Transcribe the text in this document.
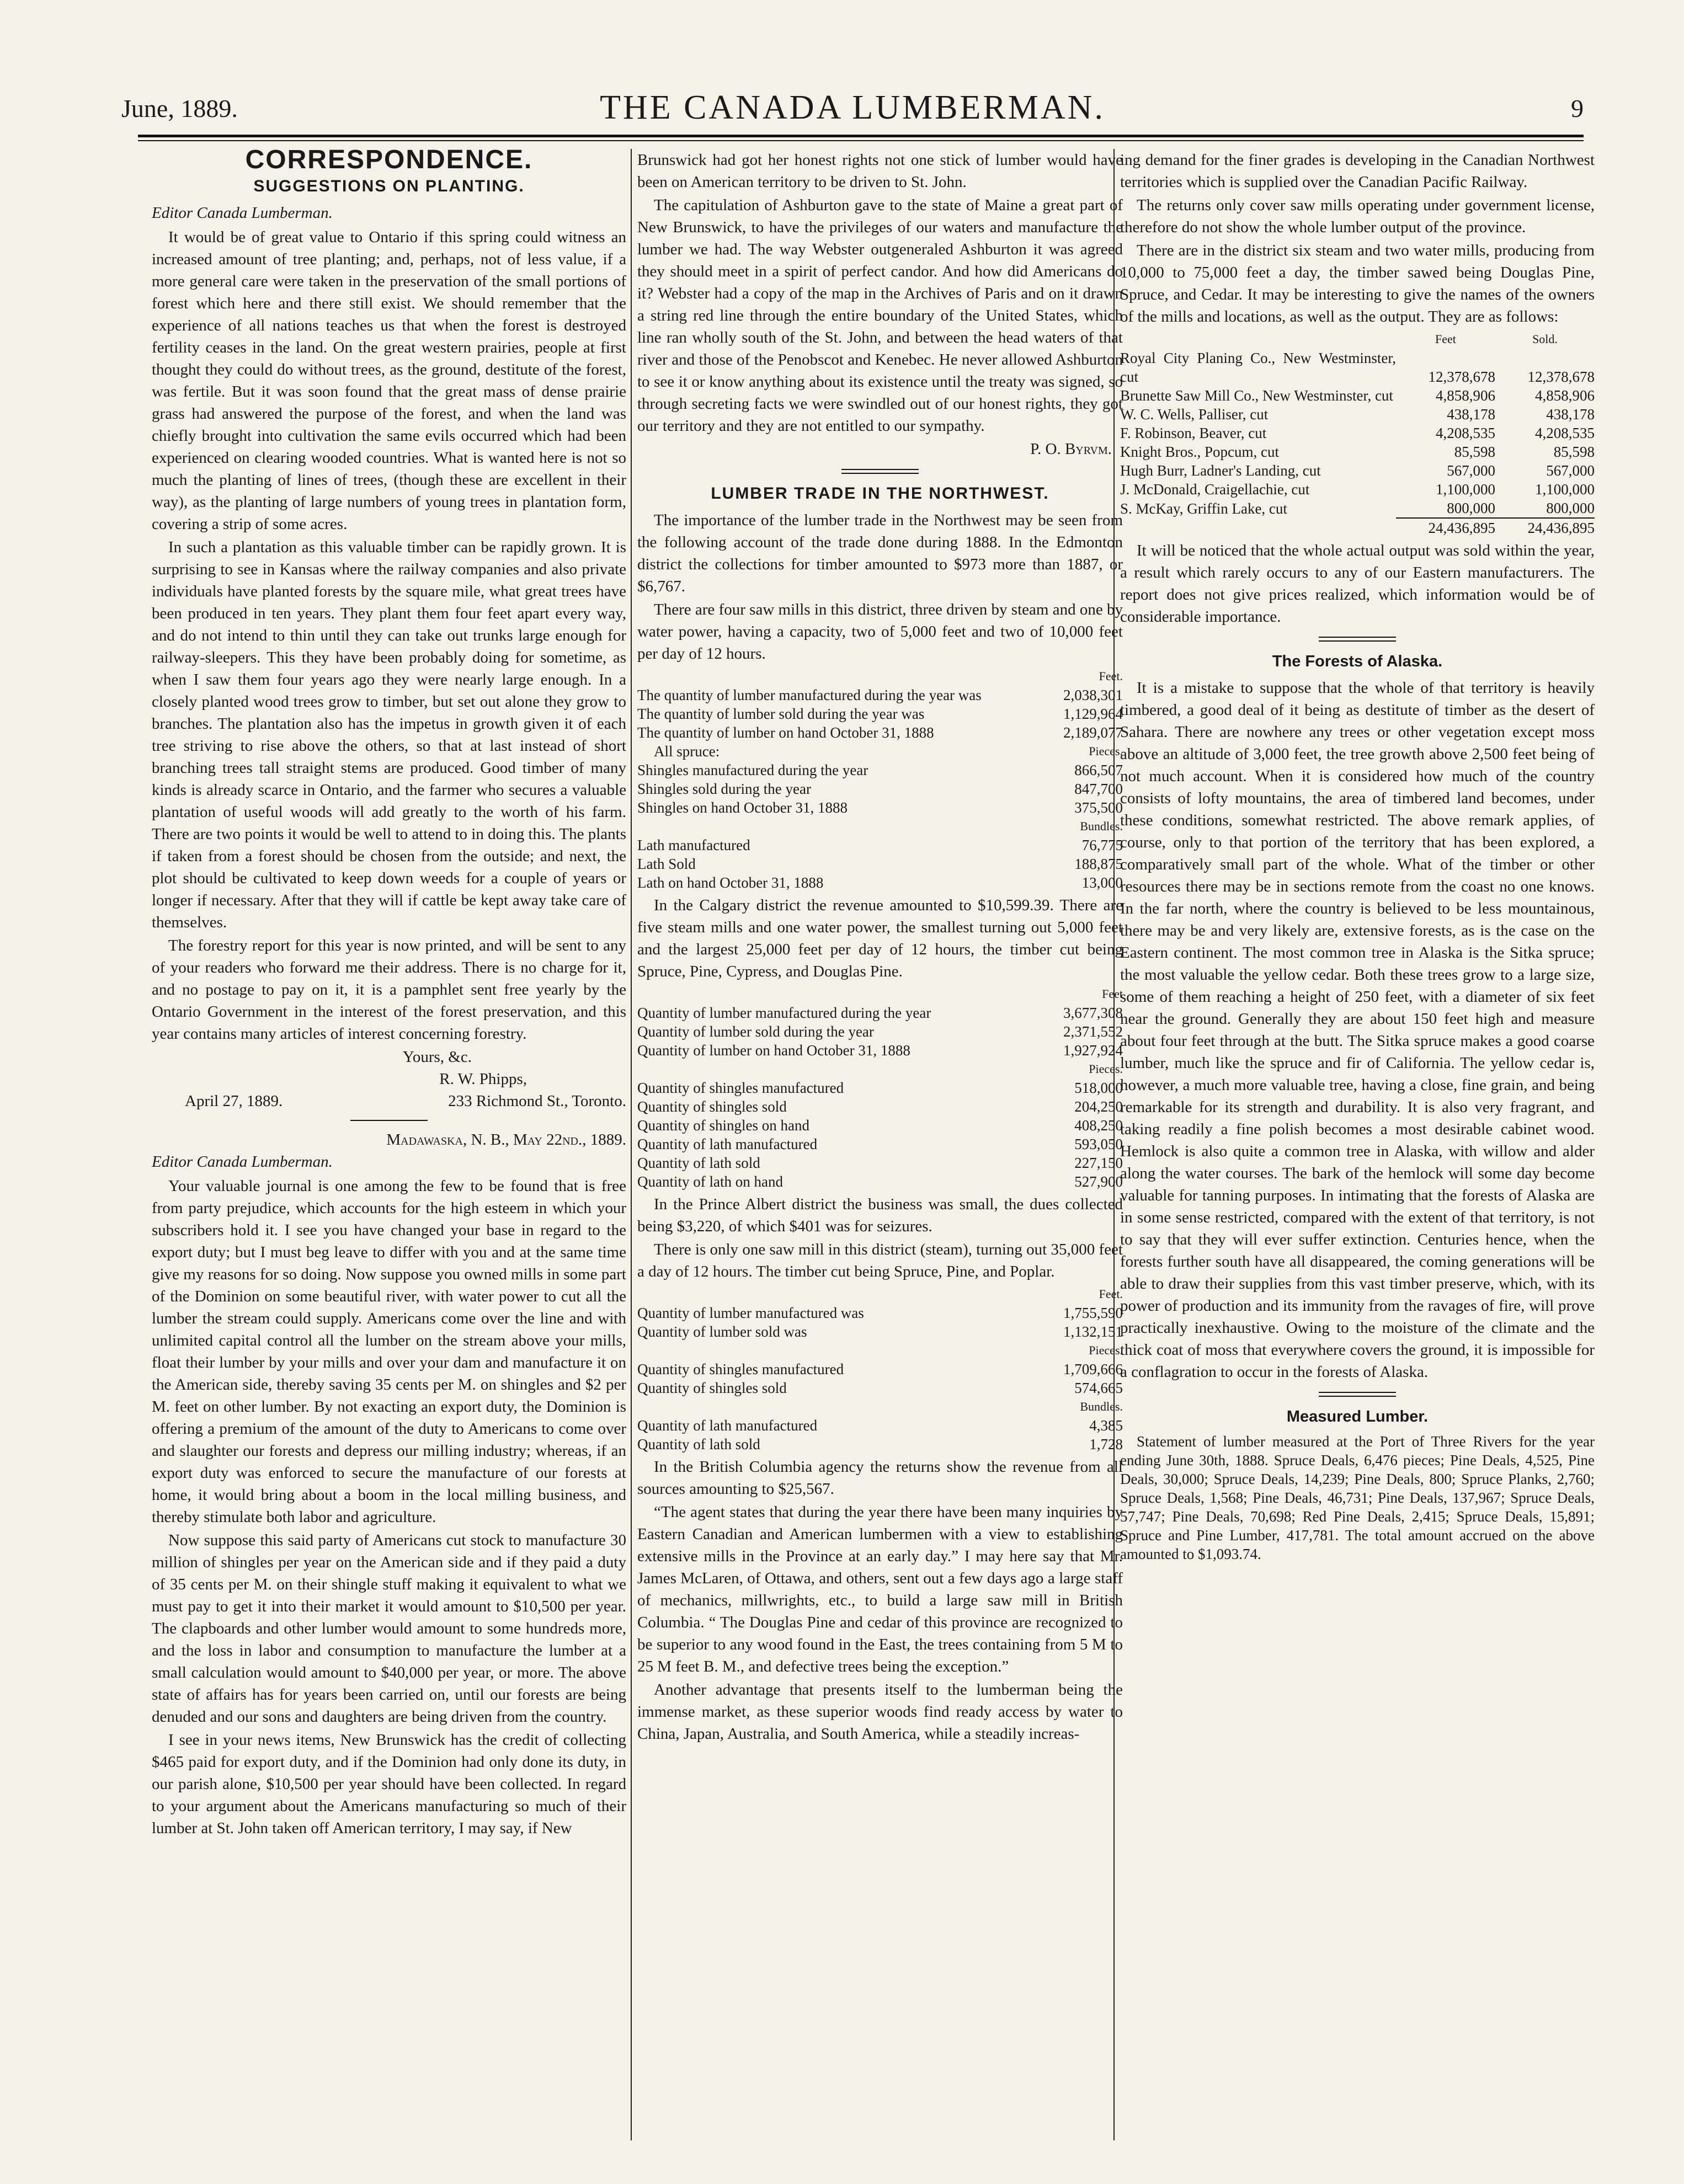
June, 1889.	THE CANADA LUMBERMAN.	9
CORRESPONDENCE.
SUGGESTIONS ON PLANTING.
Editor Canada Lumberman.

It would be of great value to Ontario if this spring could witness an increased amount of tree planting; and, perhaps, not of less value, if a more general care were taken in the preservation of the small portions of forest which here and there still exist. We should remember that the experience of all nations teaches us that when the forest is destroyed fertility ceases in the land. On the great western prairies, people at first thought they could do without trees, as the ground, destitute of the forest, was fertile. But it was soon found that the great mass of dense prairie grass had answered the purpose of the forest, and when the land was chiefly brought into cultivation the same evils occurred which had been experienced on clearing wooded countries. What is wanted here is not so much the planting of lines of trees, (though these are excellent in their way), as the planting of large numbers of young trees in plantation form, covering a strip of some acres.

In such a plantation as this valuable timber can be rapidly grown. It is surprising to see in Kansas where the railway companies and also private individuals have planted forests by the square mile, what great trees have been produced in ten years. They plant them four feet apart every way, and do not intend to thin until they can take out trunks large enough for railway-sleepers. This they have been probably doing for sometime, as when I saw them four years ago they were nearly large enough. In a closely planted wood trees grow to timber, but set out alone they grow to branches. The plantation also has the impetus in growth given it of each tree striving to rise above the others, so that at last instead of short branching trees tall straight stems are produced. Good timber of many kinds is already scarce in Ontario, and the farmer who secures a valuable plantation of useful woods will add greatly to the worth of his farm. There are two points it would be well to attend to in doing this. The plants if taken from a forest should be chosen from the outside; and next, the plot should be cultivated to keep down weeds for a couple of years or longer if necessary. After that they will if cattle be kept away take care of themselves.

The forestry report for this year is now printed, and will be sent to any of your readers who forward me their address. There is no charge for it, and no postage to pay on it, it is a pamphlet sent free yearly by the Ontario Government in the interest of the forest preservation, and this year contains many articles of interest concerning forestry.

Yours, &c.
R. W. Phipps,
April 27, 1889.	233 Richmond St., Toronto.
Madawaska, N. B., May 22nd., 1889.
Editor Canada Lumberman.

Your valuable journal is one among the few to be found that is free from party prejudice, which accounts for the high esteem in which your subscribers hold it. I see you have changed your base in regard to the export duty; but I must beg leave to differ with you and at the same time give my reasons for so doing. Now suppose you owned mills in some part of the Dominion on some beautiful river, with water power to cut all the lumber the stream could supply. Americans come over the line and with unlimited capital control all the lumber on the stream above your mills, float their lumber by your mills and over your dam and manufacture it on the American side, thereby saving 35 cents per M. on shingles and $2 per M. feet on other lumber. By not exacting an export duty, the Dominion is offering a premium of the amount of the duty to Americans to come over and slaughter our forests and depress our milling industry; whereas, if an export duty was enforced to secure the manufacture of our forests at home, it would bring about a boom in the local milling business, and thereby stimulate both labor and agriculture.

Now suppose this said party of Americans cut stock to manufacture 30 million of shingles per year on the American side and if they paid a duty of 35 cents per M. on their shingle stuff making it equivalent to what we must pay to get it into their market it would amount to $10,500 per year. The clapboards and other lumber would amount to some hundreds more, and the loss in labor and consumption to manufacture the lumber at a small calculation would amount to $40,000 per year, or more. The above state of affairs has for years been carried on, until our forests are being denuded and our sons and daughters are being driven from the country.

I see in your news items, New Brunswick has the credit of collecting $465 paid for export duty, and if the Dominion had only done its duty, in our parish alone, $10,500 per year should have been collected. In regard to your argument about the Americans manufacturing so much of their lumber at St. John taken off American territory, I may say, if New

Brunswick had got her honest rights not one stick of lumber would have been on American territory to be driven to St. John.

The capitulation of Ashburton gave to the state of Maine a great part of New Brunswick, to have the privileges of our waters and manufacture the lumber we had. The way Webster outgeneraled Ashburton it was agreed they should meet in a spirit of perfect candor. And how did Americans do it? Webster had a copy of the map in the Archives of Paris and on it drawn a string red line through the entire boundary of the United States, which line ran wholly south of the St. John, and between the head waters of that river and those of the Penobscot and Kenebec. He never allowed Ashburton to see it or know anything about its existence until the treaty was signed, so through secreting facts we were swindled out of our honest rights, they got our territory and they are not entitled to our sympathy.

P. O. Byrvm.
LUMBER TRADE IN THE NORTHWEST.

The importance of the lumber trade in the Northwest may be seen from the following account of the trade done during 1888. In the Edmonton district the collections for timber amounted to $973 more than 1887, or $6,767.

There are four saw mills in this district, three driven by steam and one by water power, having a capacity, two of 5,000 feet and two of 10,000 feet per day of 12 hours.

	Feet.
The quantity of lumber manufactured during the year was	2,038,301
The quantity of lumber sold during the year was	1,129,964
The quantity of lumber on hand October 31, 1888	2,189,077
All spruce:	Pieces.
Shingles manufactured during the year	866,507
Shingles sold during the year	847,700
Shingles on hand October 31, 1888	375,500
	Bundles.
Lath manufactured	76,775
Lath Sold	188,875
Lath on hand October 31, 1888	13,000

In the Calgary district the revenue amounted to $10,599.39. There are five steam mills and one water power, the smallest turning out 5,000 feet and the largest 25,000 feet per day of 12 hours, the timber cut being Spruce, Pine, Cypress, and Douglas Pine.

	Feet
Quantity of lumber manufactured during the year	3,677,308
Quantity of lumber sold during the year	2,371,552
Quantity of lumber on hand October 31, 1888	1,927,924
	Pieces.
Quantity of shingles manufactured	518,000
Quantity of shingles sold	204,250
Quantity of shingles on hand	408,250
Quantity of lath manufactured	593,050
Quantity of lath sold	227,150
Quantity of lath on hand	527,900

In the Prince Albert district the business was small, the dues collected being $3,220, of which $401 was for seizures.

There is only one saw mill in this district (steam), turning out 35,000 feet a day of 12 hours. The timber cut being Spruce, Pine, and Poplar.

	Feet.
Quantity of lumber manufactured was	1,755,590
Quantity of lumber sold was	1,132,151
	Pieces.
Quantity of shingles manufactured	1,709,666
Quantity of shingles sold	574,665
	Bundles.
Quantity of lath manufactured	4,385
Quantity of lath sold	1,728

In the British Columbia agency the returns show the revenue from all sources amounting to $25,567.

“The agent states that during the year there have been many inquiries by Eastern Canadian and American lumbermen with a view to establishing extensive mills in the Province at an early day.” I may here say that Mr. James McLaren, of Ottawa, and others, sent out a few days ago a large staff of mechanics, millwrights, etc., to build a large saw mill in British Columbia. “ The Douglas Pine and cedar of this province are recognized to be superior to any wood found in the East, the trees containing from 5 M to 25 M feet B. M., and defective trees being the exception.”

Another advantage that presents itself to the lumberman being the immense market, as these superior woods find ready access by water to China, Japan, Australia, and South America, while a steadily increas-

ing demand for the finer grades is developing in the Canadian Northwest territories which is supplied over the Canadian Pacific Railway.

The returns only cover saw mills operating under government license, therefore do not show the whole lumber output of the province.

There are in the district six steam and two water mills, producing from 10,000 to 75,000 feet a day, the timber sawed being Douglas Pine, Spruce, and Cedar. It may be interesting to give the names of the owners of the mills and locations, as well as the output. They are as follows:

	Feet	Sold.
Royal City Planing Co., New Westminster, cut	12,378,678	12,378,678
Brunette Saw Mill Co., New Westminster, cut	4,858,906	4,858,906
W. C. Wells, Palliser, cut	438,178	438,178
F. Robinson, Beaver, cut	4,208,535	4,208,535
Knight Bros., Popcum, cut	85,598	85,598
Hugh Burr, Ladner's Landing, cut	567,000	567,000
J. McDonald, Craigellachie, cut	1,100,000	1,100,000
S. McKay, Griffin Lake, cut	800,000	800,000
	24,436,895	24,436,895

It will be noticed that the whole actual output was sold within the year, a result which rarely occurs to any of our Eastern manufacturers. The report does not give prices realized, which information would be of considerable importance.

The Forests of Alaska.

It is a mistake to suppose that the whole of that territory is heavily timbered, a good deal of it being as destitute of timber as the desert of Sahara. There are nowhere any trees or other vegetation except moss above an altitude of 3,000 feet, the tree growth above 2,500 feet being of not much account. When it is considered how much of the country consists of lofty mountains, the area of timbered land becomes, under these conditions, somewhat restricted. The above remark applies, of course, only to that portion of the territory that has been explored, a comparatively small part of the whole. What of the timber or other resources there may be in sections remote from the coast no one knows. In the far north, where the country is believed to be less mountainous, there may be and very likely are, extensive forests, as is the case on the Eastern continent. The most common tree in Alaska is the Sitka spruce; the most valuable the yellow cedar. Both these trees grow to a large size, some of them reaching a height of 250 feet, with a diameter of six feet near the ground. Generally they are about 150 feet high and measure about four feet through at the butt. The Sitka spruce makes a good coarse lumber, much like the spruce and fir of California. The yellow cedar is, however, a much more valuable tree, having a close, fine grain, and being remarkable for its strength and durability. It is also very fragrant, and taking readily a fine polish becomes a most desirable cabinet wood. Hemlock is also quite a common tree in Alaska, with willow and alder along the water courses. The bark of the hemlock will some day become valuable for tanning purposes. In intimating that the forests of Alaska are in some sense restricted, compared with the extent of that territory, is not to say that they will ever suffer extinction. Centuries hence, when the forests further south have all disappeared, the coming generations will be able to draw their supplies from this vast timber preserve, which, with its power of production and its immunity from the ravages of fire, will prove practically inexhaustive. Owing to the moisture of the climate and the thick coat of moss that everywhere covers the ground, it is impossible for a conflagration to occur in the forests of Alaska.

Measured Lumber.

Statement of lumber measured at the Port of Three Rivers for the year ending June 30th, 1888. Spruce Deals, 6,476 pieces; Pine Deals, 4,525, Pine Deals, 30,000; Spruce Deals, 14,239; Pine Deals, 800; Spruce Planks, 2,760; Spruce Deals, 1,568; Pine Deals, 46,731; Pine Deals, 137,967; Spruce Deals, 57,747; Pine Deals, 70,698; Red Pine Deals, 2,415; Spruce Deals, 15,891; Spruce and Pine Lumber, 417,781. The total amount accrued on the above amounted to $1,093.74.
